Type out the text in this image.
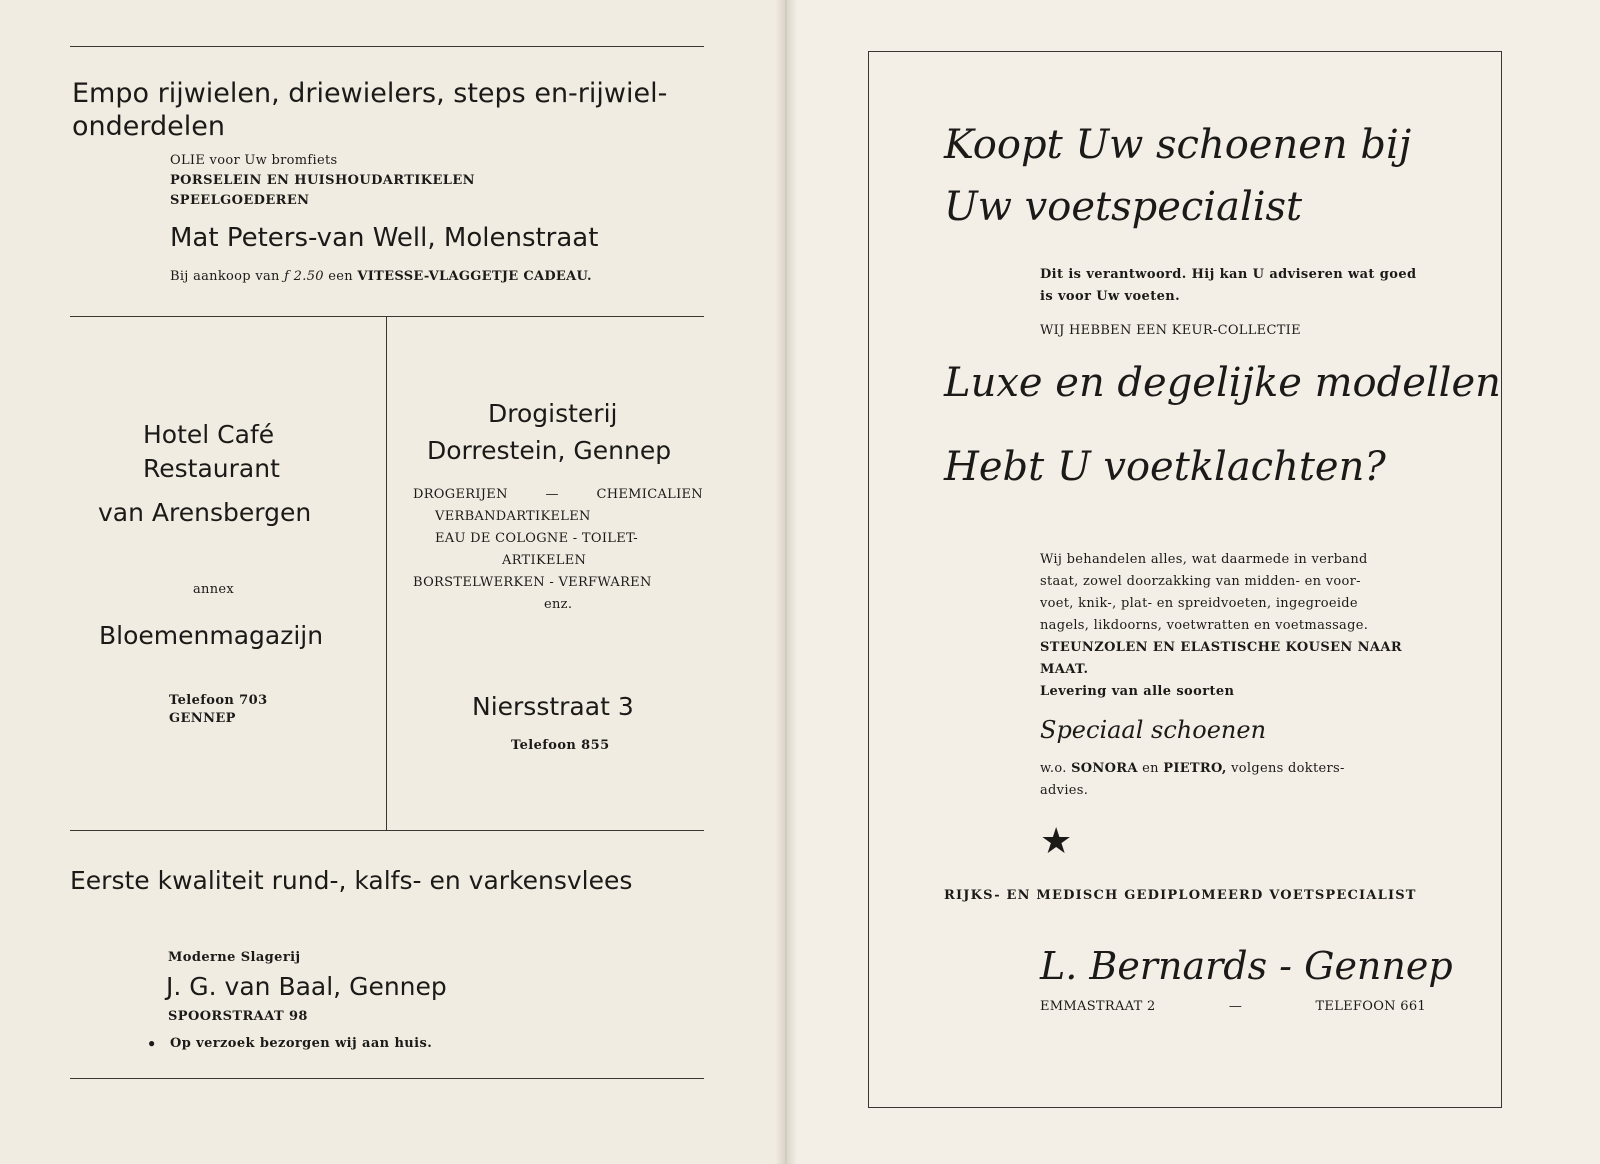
Empo rijwielen, driewielers, steps en-rijwiel-
onderdelen
OLIE voor Uw bromfiets
PORSELEIN EN HUISHOUDARTIKELEN
SPEELGOEDEREN
Mat Peters-van Well, Molenstraat
Bij aankoop van ƒ 2.50 een VITESSE-VLAGGETJE CADEAU.
Hotel Café
Restaurant
van Arensbergen
annex
Bloemenmagazijn
Telefoon 703
GENNEP
Drogisterij
Dorrestein, Gennep
DROGERIJEN	—	CHEMICALIEN
VERBANDARTIKELEN
EAU DE COLOGNE - TOILET-
ARTIKELEN
BORSTELWERKEN - VERFWAREN
enz.
Niersstraat 3
Telefoon 855
Eerste kwaliteit rund-, kalfs- en varkensvlees
Moderne Slagerij
J. G. van Baal, Gennep
SPOORSTRAAT 98
● Op verzoek bezorgen wij aan huis.
Koopt Uw schoenen bij
Uw voetspecialist
Dit is verantwoord. Hij kan U adviseren wat goed
is voor Uw voeten.
WIJ HEBBEN EEN KEUR-COLLECTIE
Luxe en degelijke modellen
Hebt U voetklachten?
Wij behandelen alles, wat daarmede in verband
staat, zowel doorzakking van midden- en voor-
voet, knik-, plat- en spreidvoeten, ingegroeide
nagels, likdoorns, voetwratten en voetmassage.
STEUNZOLEN EN ELASTISCHE KOUSEN NAAR
MAAT.
Levering van alle soorten
Speciaal schoenen
w.o. SONORA en PIETRO, volgens dokters-
advies.
★
RIJKS- EN MEDISCH GEDIPLOMEERD VOETSPECIALIST
L. Bernards - Gennep
EMMASTRAAT 2	—	TELEFOON 661
